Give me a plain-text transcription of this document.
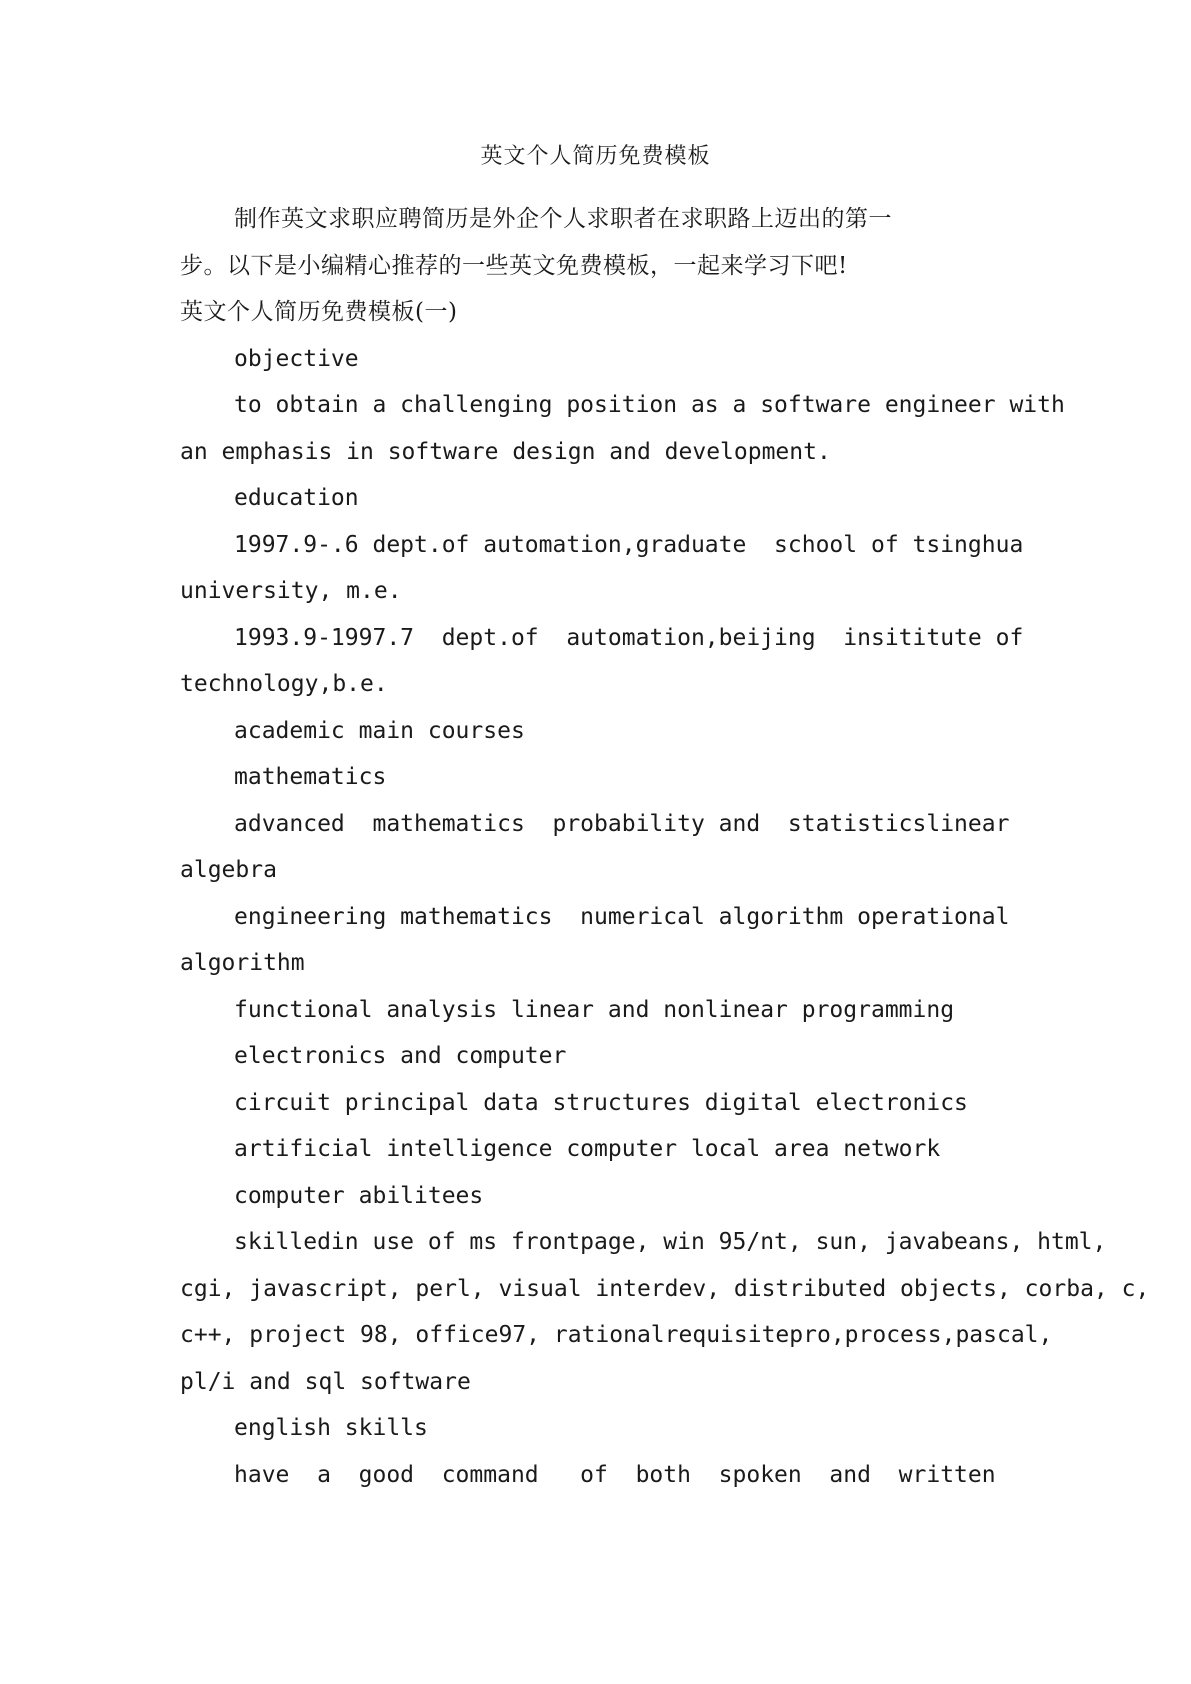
英文个人简历免费模板

制作英文求职应聘简历是外企个人求职者在求职路上迈出的第一

步。以下是小编精心推荐的一些英文免费模板，一起来学习下吧!

英文个人简历免费模板(一)

objective

to obtain a challenging position as a software engineer with

an emphasis in software design and development.

education

1997.9-.6 dept.of automation,graduate  school of tsinghua

university, m.e.

1993.9-1997.7  dept.of  automation,beijing  insititute of

technology,b.e.

academic main courses

mathematics

advanced  mathematics  probability and  statisticslinear

algebra

engineering mathematics  numerical algorithm operational

algorithm

functional analysis linear and nonlinear programming

electronics and computer

circuit principal data structures digital electronics

artificial intelligence computer local area network

computer abilitees

skilledin use of ms frontpage, win 95/nt, sun, javabeans, html,

cgi, javascript, perl, visual interdev, distributed objects, corba, c,

c++, project 98, office97, rationalrequisitepro,process,pascal,

pl/i and sql software

english skills

have  a  good  command   of  both  spoken  and  written
